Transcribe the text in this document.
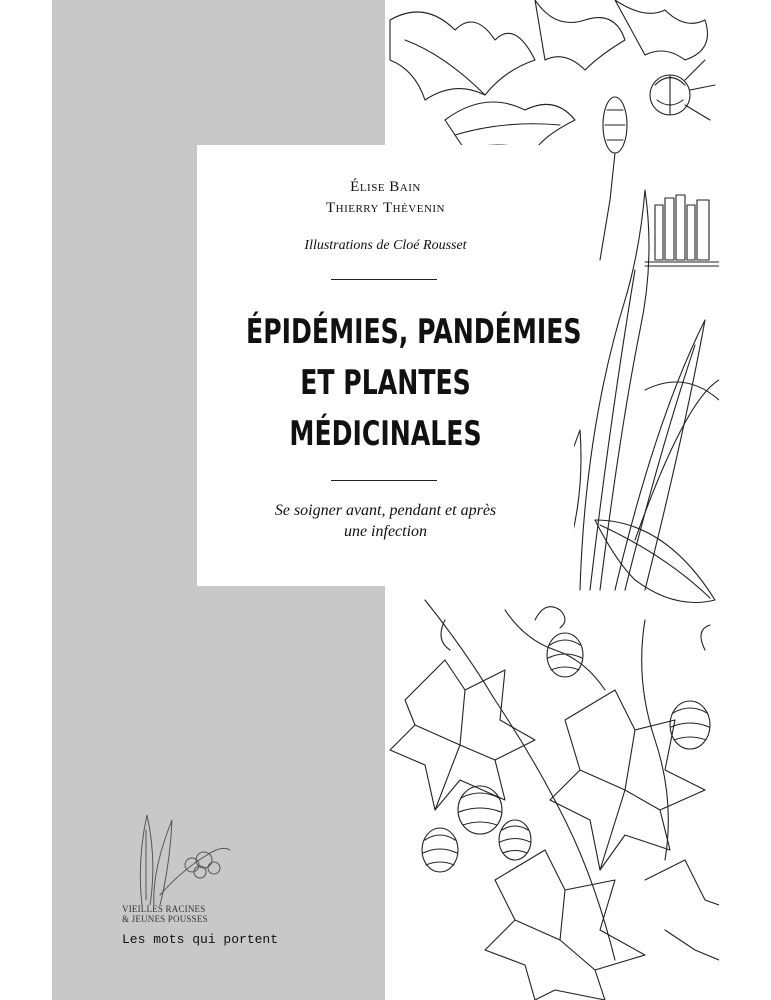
Élise Bain
Thierry Thévenin
Illustrations de Cloé Rousset
ÉPIDÉMIES, PANDÉMIES
ET PLANTES
MÉDICINALES
Se soigner avant, pendant et après
une infection
VIEILLES RACINES
& JEUNES POUSSES
Les mots qui portent
